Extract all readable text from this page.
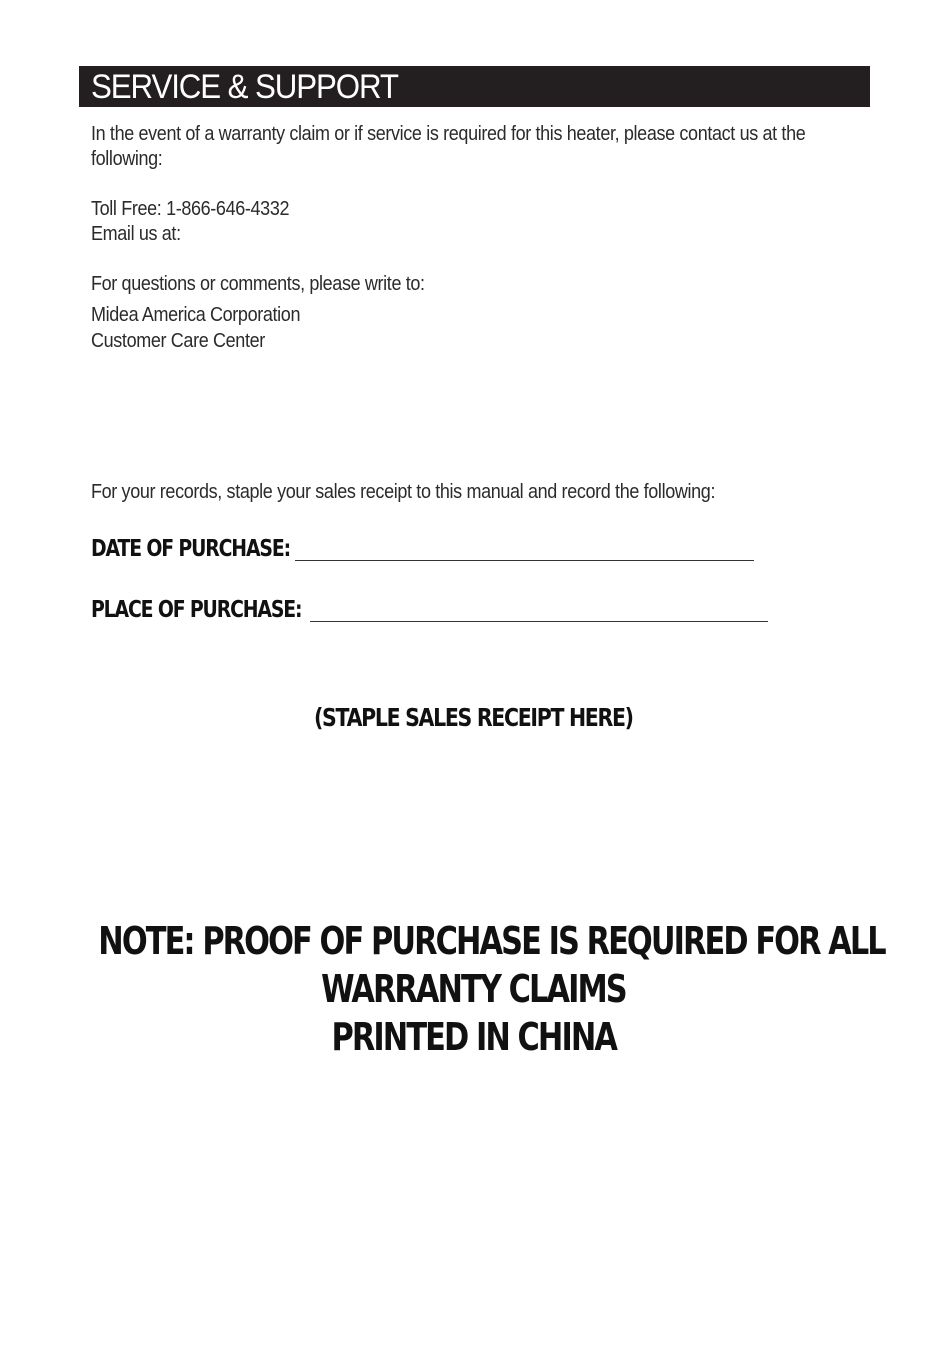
SERVICE & SUPPORT
In the event of a warranty claim or if service is required for this heater, please contact us at the
following:
Toll Free: 1-866-646-4332
Email us at:
For questions or comments, please write to:
Midea America Corporation
Customer Care Center
For your records, staple your sales receipt to this manual and record the following:
DATE OF PURCHASE:
PLACE OF PURCHASE:
(STAPLE SALES RECEIPT HERE)
NOTE: PROOF OF PURCHASE IS REQUIRED FOR ALL
WARRANTY CLAIMS
PRINTED IN CHINA
